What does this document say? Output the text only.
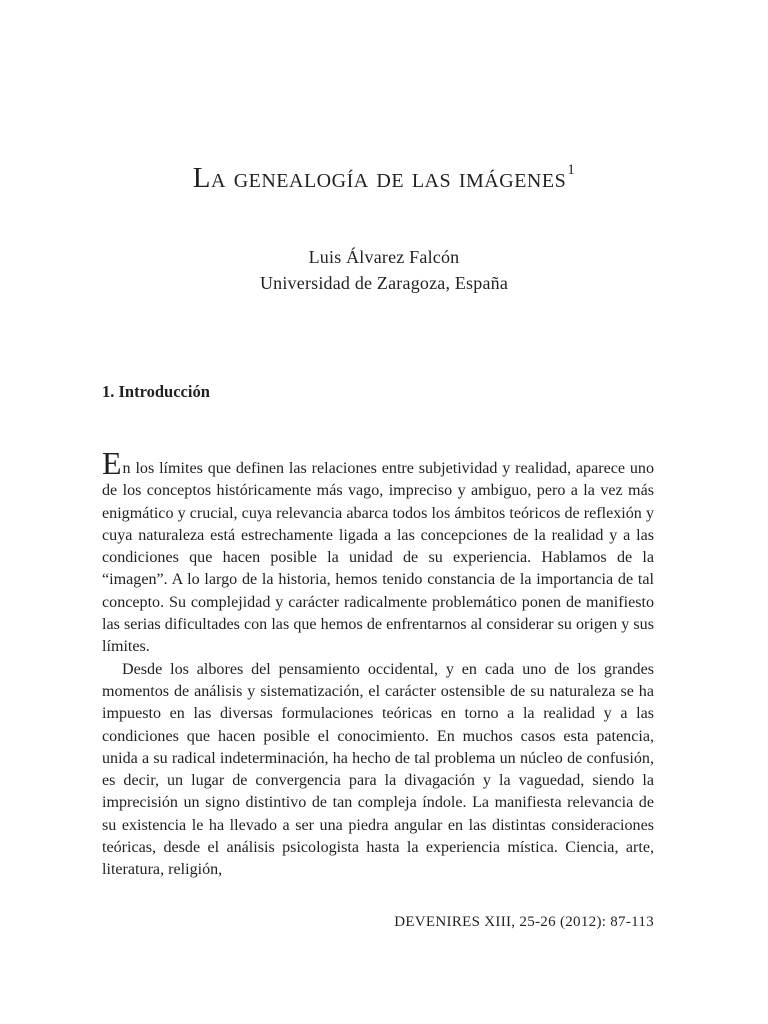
La genealogía de las imágenes$^1$
Luis Álvarez Falcón
Universidad de Zaragoza, España
1. Introducción

En los límites que definen las relaciones entre subjetividad y realidad, aparece uno de los conceptos históricamente más vago, impreciso y ambiguo, pero a la vez más enigmático y crucial, cuya relevancia abarca todos los ámbitos teóricos de reflexión y cuya naturaleza está estrechamente ligada a las concepciones de la realidad y a las condiciones que hacen posible la unidad de su experiencia. Hablamos de la “imagen”. A lo largo de la historia, hemos tenido constancia de la importancia de tal concepto. Su complejidad y carácter radicalmente problemático ponen de manifiesto las serias dificultades con las que hemos de enfrentarnos al considerar su origen y sus límites.

Desde los albores del pensamiento occidental, y en cada uno de los grandes momentos de análisis y sistematización, el carácter ostensible de su naturaleza se ha impuesto en las diversas formulaciones teóricas en torno a la realidad y a las condiciones que hacen posible el conocimiento. En muchos casos esta patencia, unida a su radical indeterminación, ha hecho de tal problema un núcleo de confusión, es decir, un lugar de convergencia para la divagación y la vaguedad, siendo la imprecisión un signo distintivo de tan compleja índole. La manifiesta relevancia de su existencia le ha llevado a ser una piedra angular en las distintas consideraciones teóricas, desde el análisis psicologista hasta la experiencia mística. Ciencia, arte, literatura, religión,

DEVENIRES XIII, 25-26 (2012): 87-113
